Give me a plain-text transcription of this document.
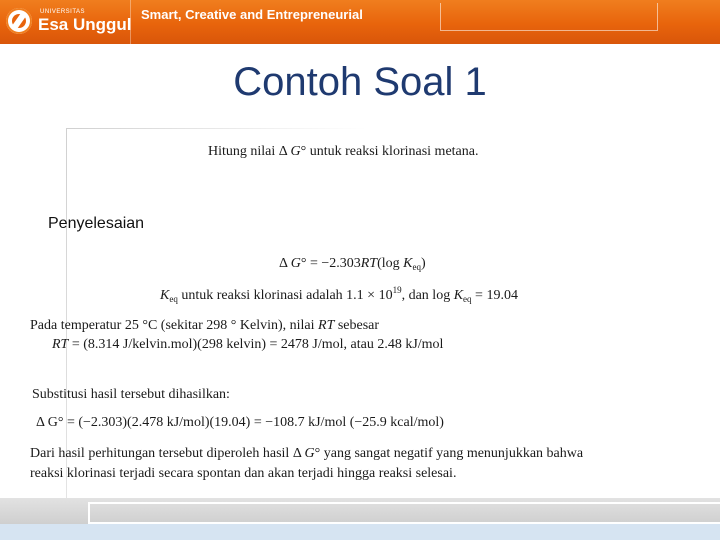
UNIVERSITAS
Esa Unggul
Smart, Creative and Entrepreneurial
Contoh Soal 1
Hitung nilai Δ G° untuk reaksi klorinasi metana.
Penyelesaian
Δ G° = −2.303RT(log $K_{eq}$)
$K_{eq}$ untuk reaksi klorinasi adalah $1.1 \times 10^{19}$, dan $\log K_{eq} = 19.04$
Pada temperatur 25 °C (sekitar 298 ° Kelvin), nilai RT sebesar
RT = (8.314 J/kelvin.mol)(298 kelvin) = 2478 J/mol, atau 2.48 kJ/mol
Substitusi hasil tersebut dihasilkan:
Δ G° = (−2.303)(2.478 kJ/mol)(19.04) = −108.7 kJ/mol (−25.9 kcal/mol)
Dari hasil perhitungan tersebut diperoleh hasil Δ G° yang sangat negatif yang menunjukkan bahwa
reaksi klorinasi terjadi secara spontan dan akan terjadi hingga reaksi selesai.
